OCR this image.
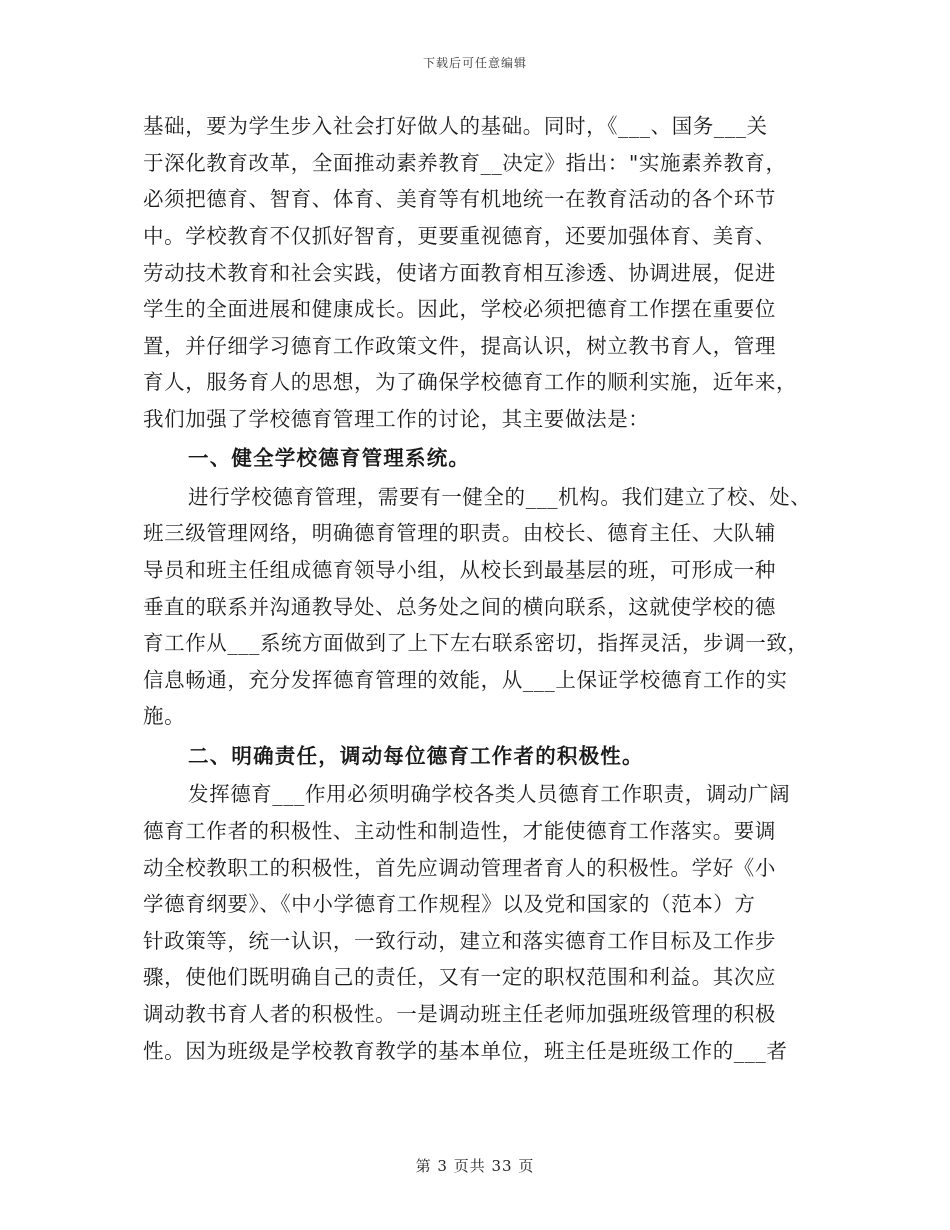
下载后可任意编辑
基础，要为学生步入社会打好做人的基础。同时，《___、国务___关
于深化教育改革，全面推动素养教育__决定》指出："实施素养教育，
必须把德育、智育、体育、美育等有机地统一在教育活动的各个环节
中。学校教育不仅抓好智育，更要重视德育，还要加强体育、美育、
劳动技术教育和社会实践，使诸方面教育相互渗透、协调进展，促进
学生的全面进展和健康成长。因此，学校必须把德育工作摆在重要位
置，并仔细学习德育工作政策文件，提高认识，树立教书育人，管理
育人，服务育人的思想，为了确保学校德育工作的顺利实施，近年来，
我们加强了学校德育管理工作的讨论，其主要做法是：
一、健全学校德育管理系统。
进行学校德育管理，需要有一健全的___机构。我们建立了校、处、
班三级管理网络，明确德育管理的职责。由校长、德育主任、大队辅
导员和班主任组成德育领导小组，从校长到最基层的班，可形成一种
垂直的联系并沟通教导处、总务处之间的横向联系，这就使学校的德
育工作从___系统方面做到了上下左右联系密切，指挥灵活，步调一致，
信息畅通，充分发挥德育管理的效能，从___上保证学校德育工作的实
施。
二、明确责任，调动每位德育工作者的积极性。
发挥德育___作用必须明确学校各类人员德育工作职责，调动广阔
德育工作者的积极性、主动性和制造性，才能使德育工作落实。要调
动全校教职工的积极性，首先应调动管理者育人的积极性。学好《小
学德育纲要》、《中小学德育工作规程》以及党和国家的（范本）方
针政策等，统一认识，一致行动，建立和落实德育工作目标及工作步
骤，使他们既明确自己的责任，又有一定的职权范围和利益。其次应
调动教书育人者的积极性。一是调动班主任老师加强班级管理的积极
性。因为班级是学校教育教学的基本单位，班主任是班级工作的___者
第 3 页共 33 页
